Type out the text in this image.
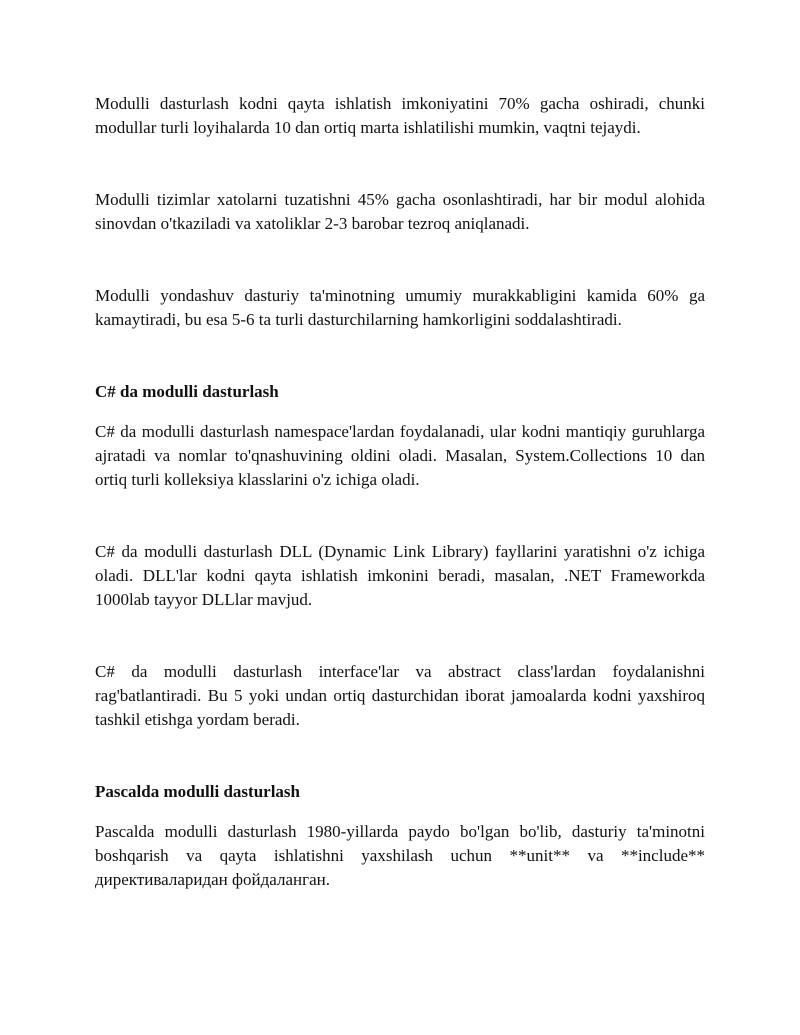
Modulli dasturlash kodni qayta ishlatish imkoniyatini 70% gacha oshiradi, chunki modullar turli loyihalarda 10 dan ortiq marta ishlatilishi mumkin, vaqtni tejaydi.

Modulli tizimlar xatolarni tuzatishni 45% gacha osonlashtiradi, har bir modul alohida sinovdan o'tkaziladi va xatoliklar 2-3 barobar tezroq aniqlanadi.

Modulli yondashuv dasturiy ta'minotning umumiy murakkabligini kamida 60% ga kamaytiradi, bu esa 5-6 ta turli dasturchilarning hamkorligini soddalashtiradi.

C# da modulli dasturlash

C# da modulli dasturlash namespace'lardan foydalanadi, ular kodni mantiqiy guruhlarga ajratadi va nomlar to'qnashuvining oldini oladi. Masalan, System.Collections 10 dan ortiq turli kolleksiya klasslarini o'z ichiga oladi.

C# da modulli dasturlash DLL (Dynamic Link Library) fayllarini yaratishni o'z ichiga oladi. DLL'lar kodni qayta ishlatish imkonini beradi, masalan, .NET Frameworkda 1000lab tayyor DLLlar mavjud.

C# da modulli dasturlash interface'lar va abstract class'lardan foydalanishni rag'batlantiradi. Bu 5 yoki undan ortiq dasturchidan iborat jamoalarda kodni yaxshiroq tashkil etishga yordam beradi.

Pascalda modulli dasturlash

Pascalda modulli dasturlash 1980-yillarda paydo bo'lgan bo'lib, dasturiy ta'minotni boshqarish va qayta ishlatishni yaxshilash uchun **unit** va **include** директиваларидан фойдаланган.
